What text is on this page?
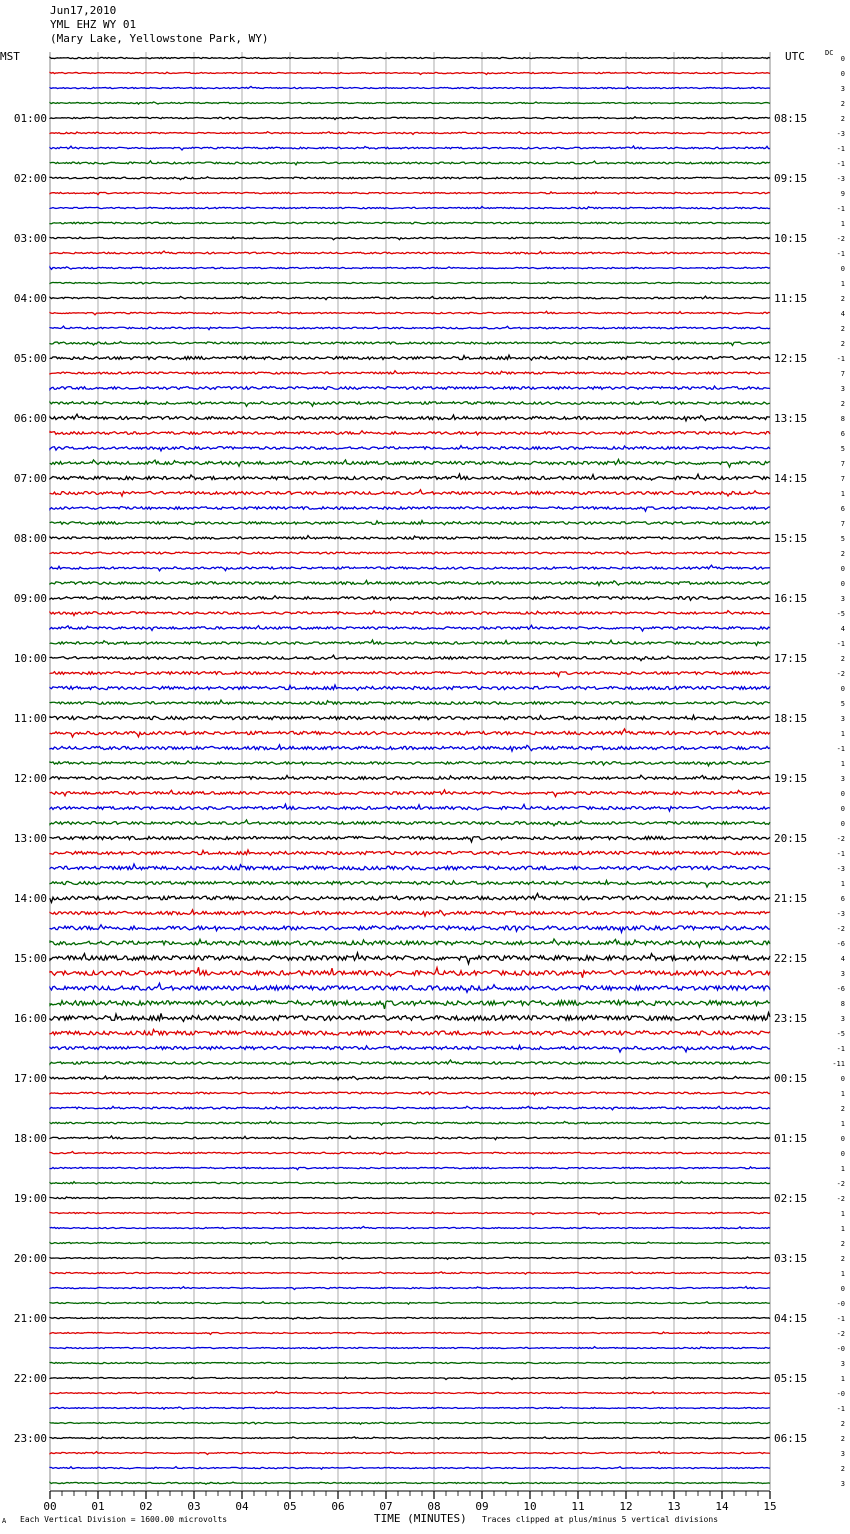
Jun17,2010
YML EHZ WY 01
(Mary Lake, Yellowstone Park, WY)
MST	UTC	DC
00	01	02	03	04	05	06	07	08	09	10	11	12	13	14	15
01:00	08:15
02:00	09:15
03:00	10:15
04:00	11:15
05:00	12:15
06:00	13:15
07:00	14:15
08:00	15:15
09:00	16:15
10:00	17:15
11:00	18:15
12:00	19:15
13:00	20:15
14:00	21:15
15:00	22:15
16:00	23:15
17:00	00:15
18:00	01:15
19:00	02:15
20:00	03:15
21:00	04:15
22:00	05:15
23:00	06:15
0
0
3
2
2
-3
-1
-1
-3
9
-1
1
-2
-1
0
1
2
4
2
2
-1
7
3
2
8
6
5
7
7
1
6
7
5
2
0
0
3
-5
4
-1
2
-2
0
5
3
1
-1
1
3
0
0
0
-2
-1
-3
1
6
-3
-2
-6
4
3
-6
8
3
-5
-1
-11
0
1
2
1
0
0
1
-2
-2
1
1
2
2
1
0
-0
-1
-2
-0
3
1
-0
-1
2
2
3
2
3
A Each Vertical Division = 1600.00 microvolts	TIME (MINUTES) Traces clipped at plus/minus 5 vertical divisions
